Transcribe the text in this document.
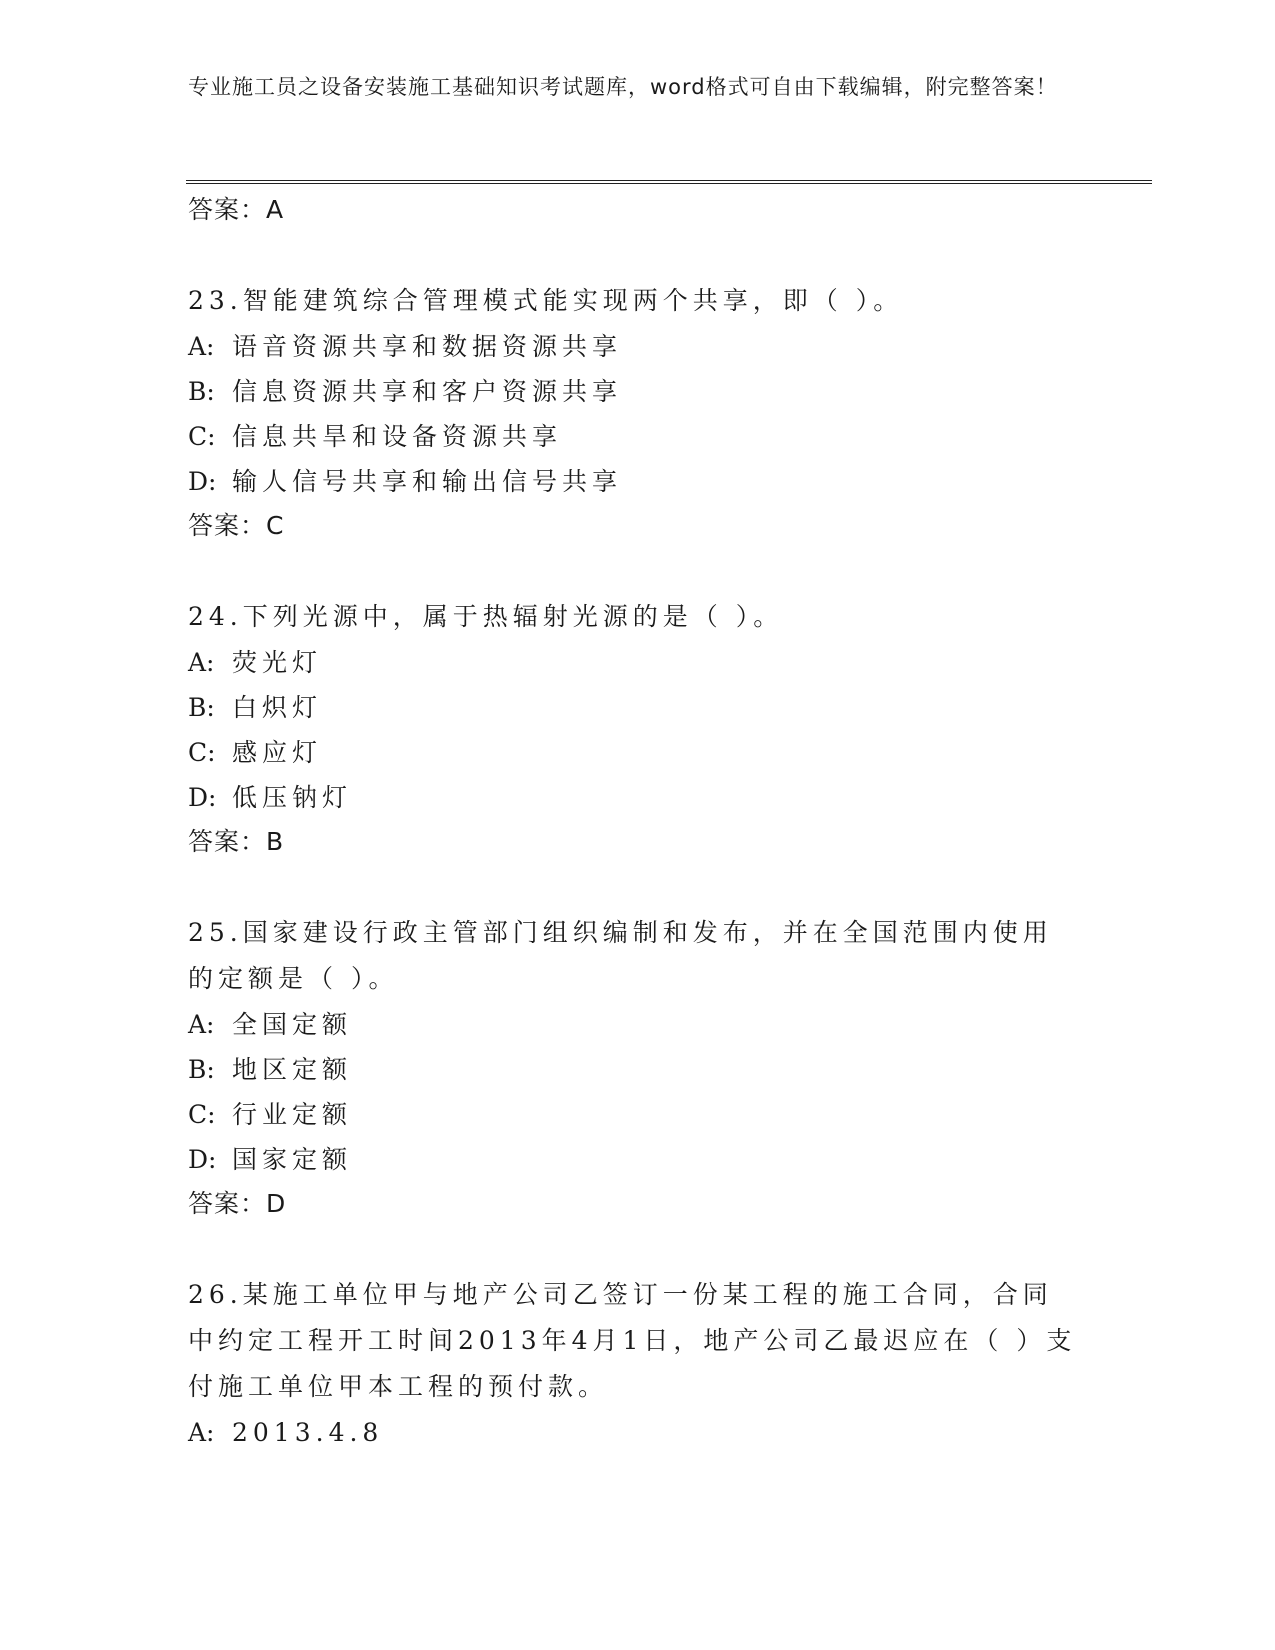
专业施工员之设备安装施工基础知识考试题库，word格式可自由下载编辑，附完整答案！
答案：A
23.智能建筑综合管理模式能实现两个共享，即（ ）。
A: 语音资源共享和数据资源共享
B: 信息资源共享和客户资源共享
C: 信息共旱和设备资源共享
D: 输人信号共享和输出信号共享
答案：C
24.下列光源中，属于热辐射光源的是（ ）。
A: 荧光灯
B: 白炽灯
C: 感应灯
D: 低压钠灯
答案：B
25.国家建设行政主管部门组织编制和发布，并在全国范围内使用的定额是（ ）。
A: 全国定额
B: 地区定额
C: 行业定额
D: 国家定额
答案：D
26.某施工单位甲与地产公司乙签订一份某工程的施工合同，合同中约定工程开工时间2013年4月1日，地产公司乙最迟应在（ ）支付施工单位甲本工程的预付款。
A: 2013.4.8
